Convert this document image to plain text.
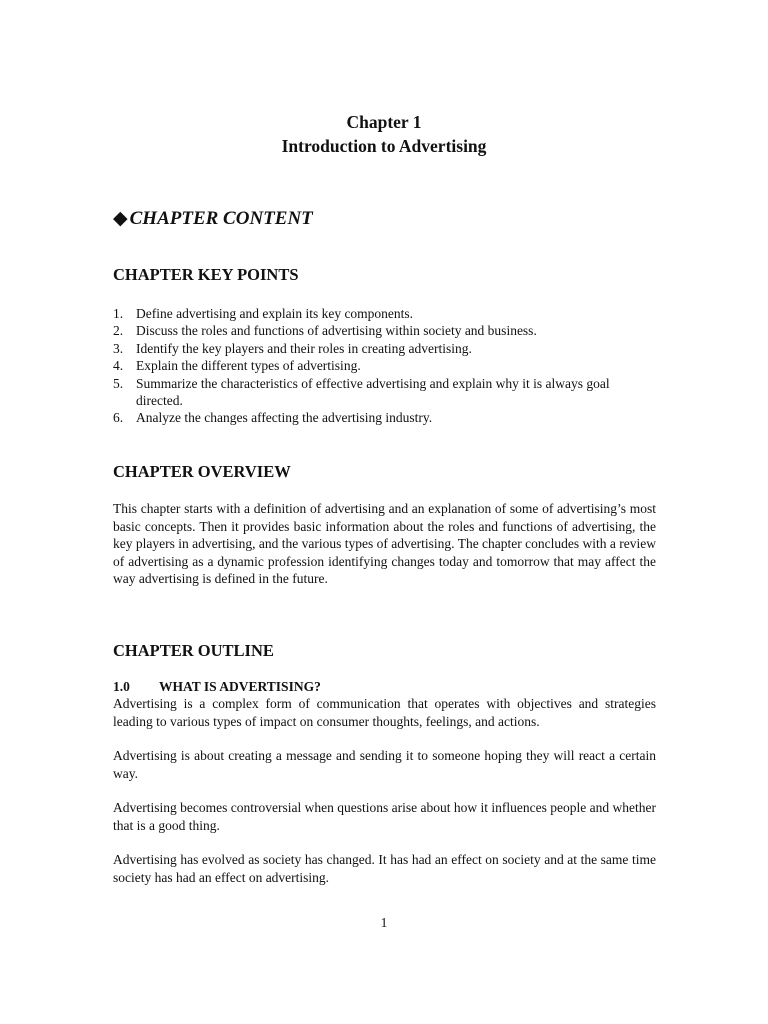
Chapter 1
Introduction to Advertising
◆ CHAPTER CONTENT
CHAPTER KEY POINTS
1. Define advertising and explain its key components.
2. Discuss the roles and functions of advertising within society and business.
3. Identify the key players and their roles in creating advertising.
4. Explain the different types of advertising.
5. Summarize the characteristics of effective advertising and explain why it is always goal directed.
6. Analyze the changes affecting the advertising industry.
CHAPTER OVERVIEW

This chapter starts with a definition of advertising and an explanation of some of advertising’s most basic concepts. Then it provides basic information about the roles and functions of advertising, the key players in advertising, and the various types of advertising. The chapter concludes with a review of advertising as a dynamic profession identifying changes today and tomorrow that may affect the way advertising is defined in the future.

CHAPTER OUTLINE
1.0 WHAT IS ADVERTISING?

Advertising is a complex form of communication that operates with objectives and strategies leading to various types of impact on consumer thoughts, feelings, and actions.

Advertising is about creating a message and sending it to someone hoping they will react a certain way.

Advertising becomes controversial when questions arise about how it influences people and whether that is a good thing.

Advertising has evolved as society has changed. It has had an effect on society and at the same time society has had an effect on advertising.

1
